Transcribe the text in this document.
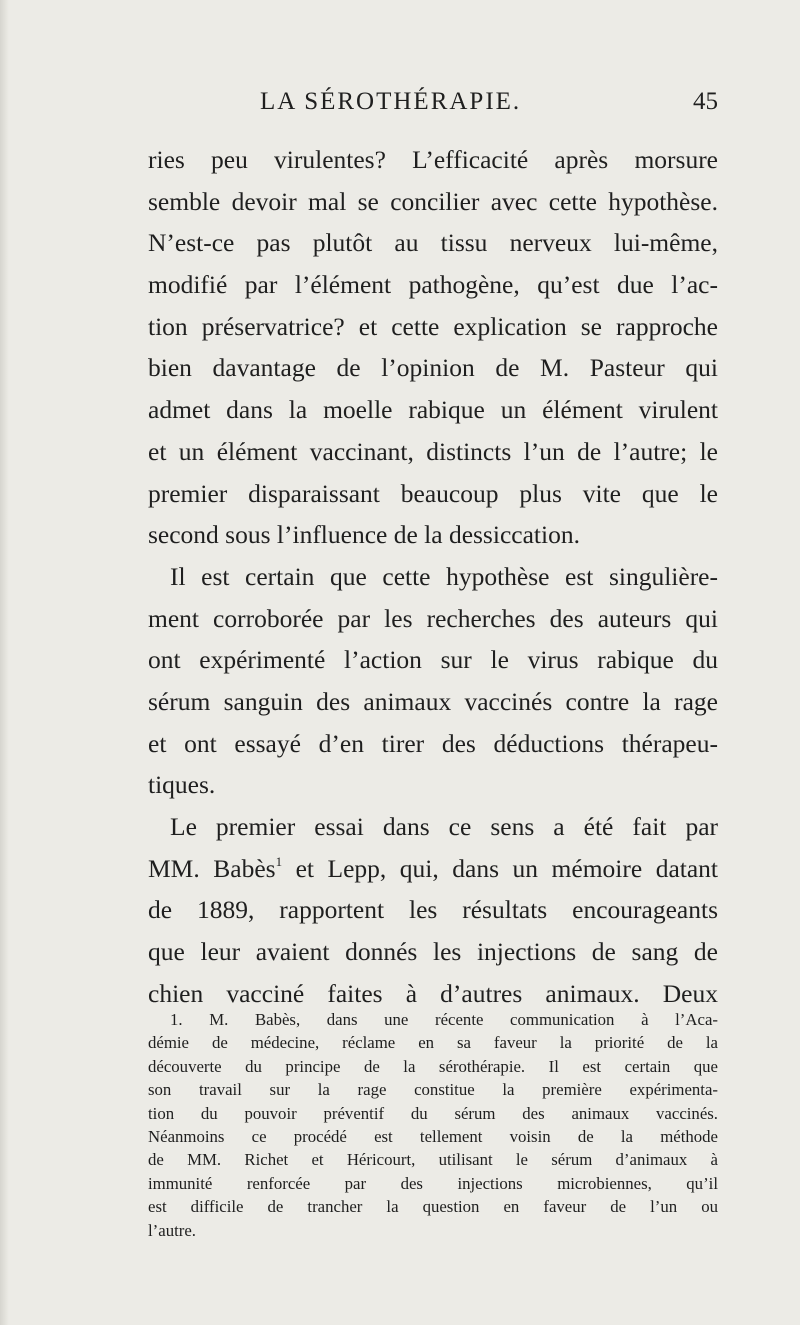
LA SÉROTHÉRAPIE.	45
ries peu virulentes? L’efficacité après morsure
semble devoir mal se concilier avec cette hypothèse.
N’est-ce pas plutôt au tissu nerveux lui-même,
modifié par l’élément pathogène, qu’est due l’ac-
tion préservatrice? et cette explication se rapproche
bien davantage de l’opinion de M. Pasteur qui
admet dans la moelle rabique un élément virulent
et un élément vaccinant, distincts l’un de l’autre; le
premier disparaissant beaucoup plus vite que le
second sous l’influence de la dessiccation.
Il est certain que cette hypothèse est singulière-
ment corroborée par les recherches des auteurs qui
ont expérimenté l’action sur le virus rabique du
sérum sanguin des animaux vaccinés contre la rage
et ont essayé d’en tirer des déductions thérapeu-
tiques.
Le premier essai dans ce sens a été fait par
MM. Babès$^1$ et Lepp, qui, dans un mémoire datant
de 1889, rapportent les résultats encourageants
que leur avaient donnés les injections de sang de
chien vacciné faites à d’autres animaux. Deux
1. M. Babès, dans une récente communication à l’Aca-
démie de médecine, réclame en sa faveur la priorité de la
découverte du principe de la sérothérapie. Il est certain que
son travail sur la rage constitue la première expérimenta-
tion du pouvoir préventif du sérum des animaux vaccinés.
Néanmoins ce procédé est tellement voisin de la méthode
de MM. Richet et Héricourt, utilisant le sérum d’animaux à
immunité renforcée par des injections microbiennes, qu’il
est difficile de trancher la question en faveur de l’un ou
l’autre.
